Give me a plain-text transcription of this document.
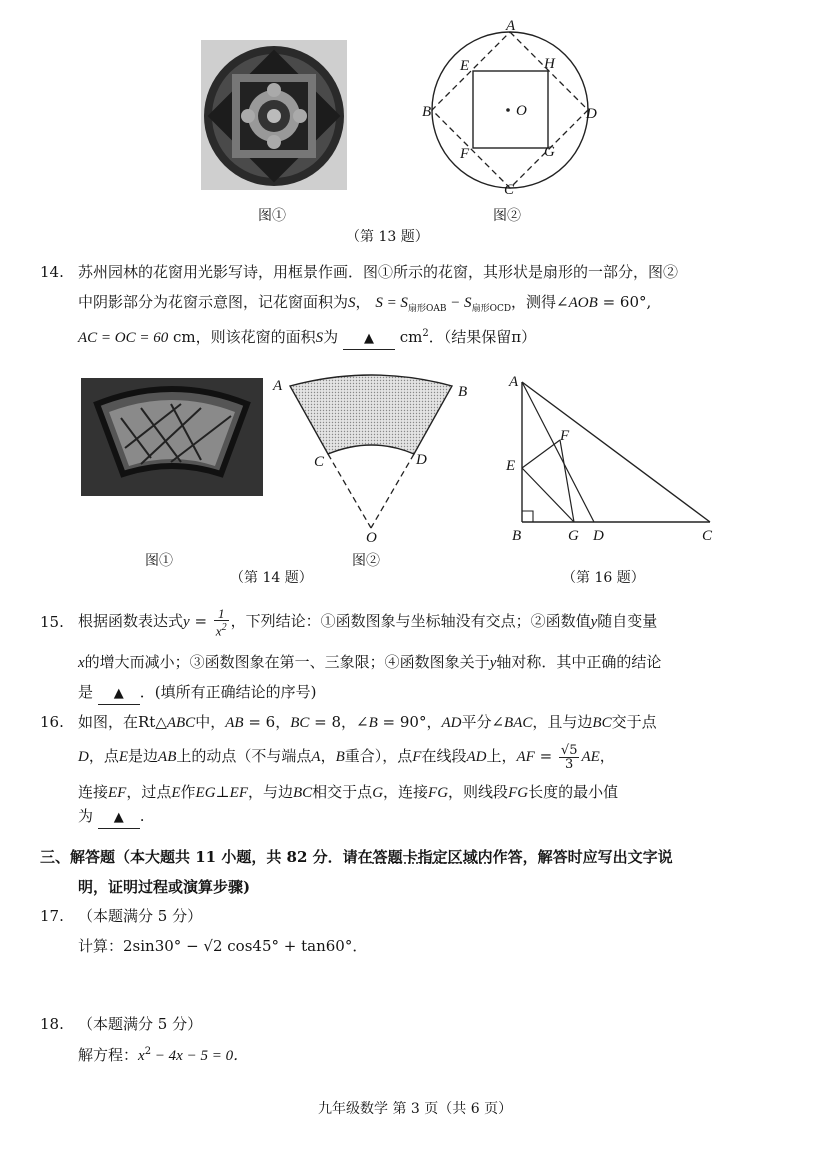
图①
A
B
C
D
E	H
F	G
O
图②
（第 13 题）
14. 苏州园林的花窗用光影写诗，用框景作画．图①所示的花窗，其形状是扇形的一部分，图②
中阴影部分为花窗示意图，记花窗面积为S， $S = S_{扇形OAB} - S_{扇形OCD}$，测得∠AOB = 60°,
AC = OC = 60 cm，则该花窗的面积S为 ▲ $cm^2$．（结果保留π）
图①
A	B
C	D
O
图②
（第 14 题）
A
E
F
B	G D	C
（第 16 题）
15. 根据函数表达式$y = \frac{1}{x^2}$ ，下列结论：①函数图象与坐标轴没有交点；②函数值y随自变量
x的增大而减小；③函数图象在第一、三象限；④函数图象关于y轴对称．其中正确的结论
是 ▲ ．(填所有正确结论的序号)
16. 如图，在Rt△ABC中，AB = 6，BC = 8，∠B = 90°，AD平分∠BAC，且与边BC交于点
D，点E是边AB上的动点（不与端点A，B重合），点F在线段AD上，AF = $\frac{√5}{3}$ AE，
连接EF，过点E作EG⊥EF，与边BC相交于点G，连接FG，则线段FG长度的最小值
为 ▲ .
三、解答题（本大题共 11 小题，共 82 分．请在答题卡指定区域内作答，解答时应写出文字说
明，证明过程或演算步骤)
17. （本题满分 5 分）
计算：2sin30° − √2 cos45° + tan60°．
18. （本题满分 5 分）
解方程：$x^2 - 4x - 5 = 0$．
九年级数学 第 3 页（共 6 页）
